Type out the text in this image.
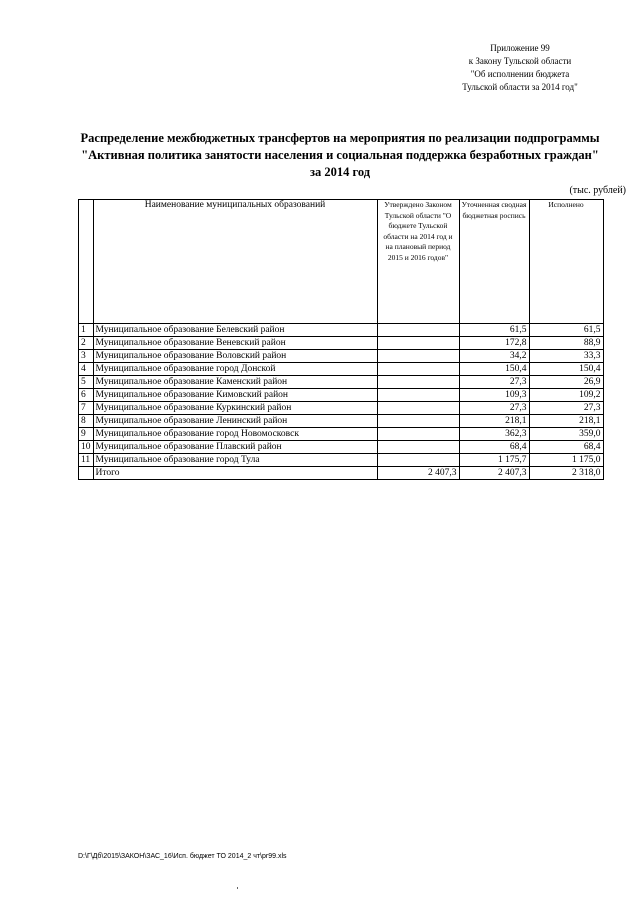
Приложение 99
к Закону Тульской области
"Об исполнении бюджета
Тульской области за 2014 год"
Распределение межбюджетных трансфертов на мероприятия по реализации подпрограммы
"Активная политика занятости населения и социальная поддержка безработных граждан"
за 2014 год
(тыс. рублей)
	Наименование муниципальных образований	Утверждено Законом Тульской области "О бюджете Тульской области на 2014 год и на плановый период 2015 и 2016 годов"	Уточненная сводная бюджетная роспись	Исполнено
1	Муниципальное образование Белевский район		61,5	61,5
2	Муниципальное образование Веневский район		172,8	88,9
3	Муниципальное образование Воловский район		34,2	33,3
4	Муниципальное образование город Донской		150,4	150,4
5	Муниципальное образование Каменский район		27,3	26,9
6	Муниципальное образование Кимовский район		109,3	109,2
7	Муниципальное образование Куркинский район		27,3	27,3
8	Муниципальное образование Ленинский район		218,1	218,1
9	Муниципальное образование город Новомосковск		362,3	359,0
10	Муниципальное образование Плавский район		68,4	68,4
11	Муниципальное образование город Тула		1 175,7	1 175,0
	Итого	2 407,3	2 407,3	2 318,0
D:\Г\Дб\2015\ЗАКОН\ЗАС_16\Исп. бюджет ТО 2014_2 чт\pr99.xls
